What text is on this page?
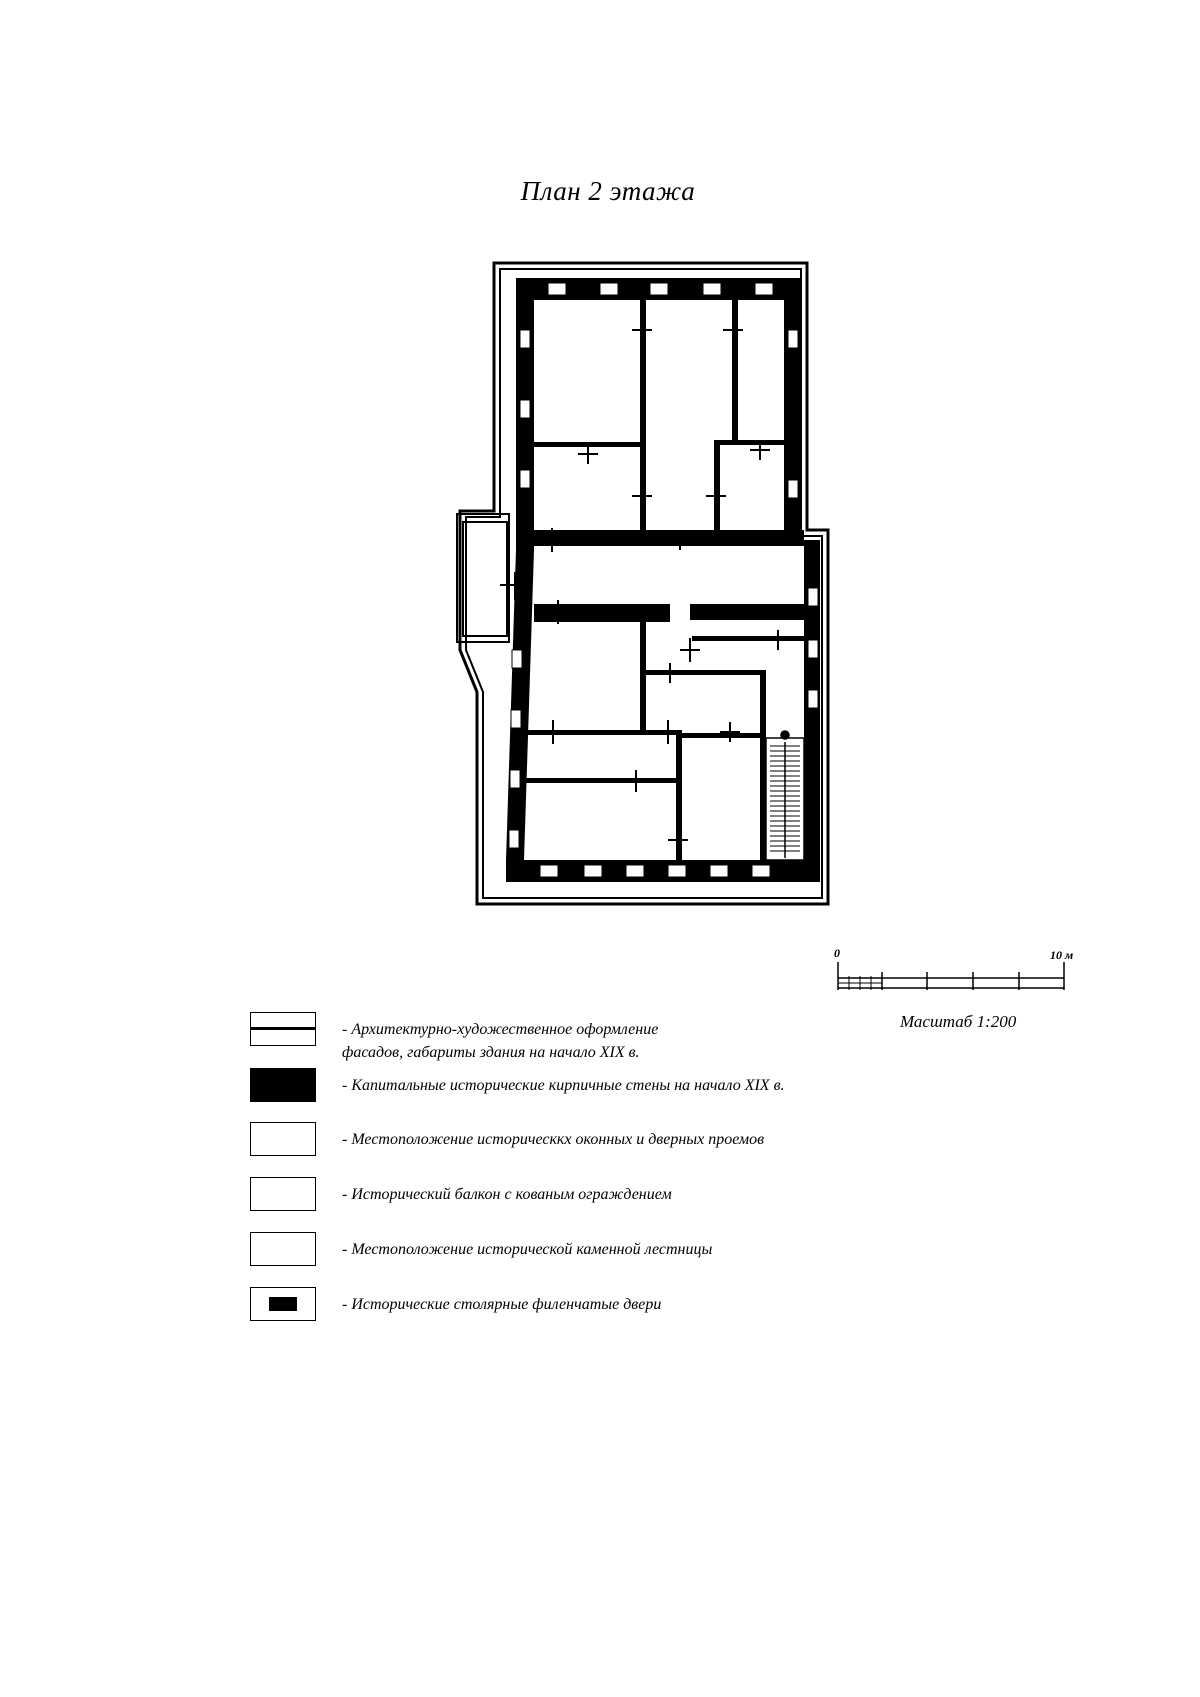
План 2 этажа
0	10 м
Масштаб 1:200
- Архитектурно-художественное оформление
фасадов, габариты здания на начало XIX в.
- Капитальные исторические кирпичные стены на начало XIX в.
- Местоположение историческкх оконных и дверных проемов
- Исторический балкон с кованым ограждением
- Местоположение исторической каменной лестницы
- Исторические столярные филенчатые двери
